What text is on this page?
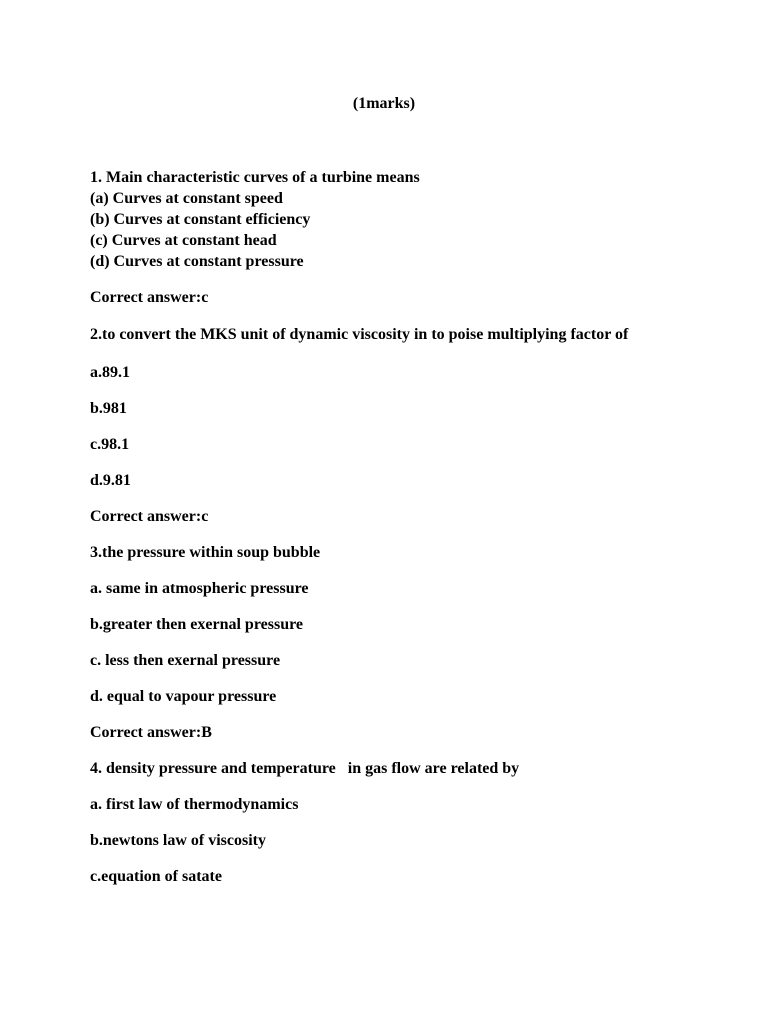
(1marks)
1. Main characteristic curves of a turbine means
(a) Curves at constant speed
(b) Curves at constant efficiency
(c) Curves at constant head
(d) Curves at constant pressure
Correct answer:c
2.to convert the MKS unit of dynamic viscosity in to poise multiplying factor of
a.89.1
b.981
c.98.1
d.9.81
Correct answer:c
3.the pressure within soup bubble
a. same in atmospheric pressure
b.greater then exernal pressure
c. less then exernal pressure
d. equal to vapour pressure
Correct answer:B
4. density pressure and temperature   in gas flow are related by
a. first law of thermodynamics
b.newtons law of viscosity
c.equation of satate
